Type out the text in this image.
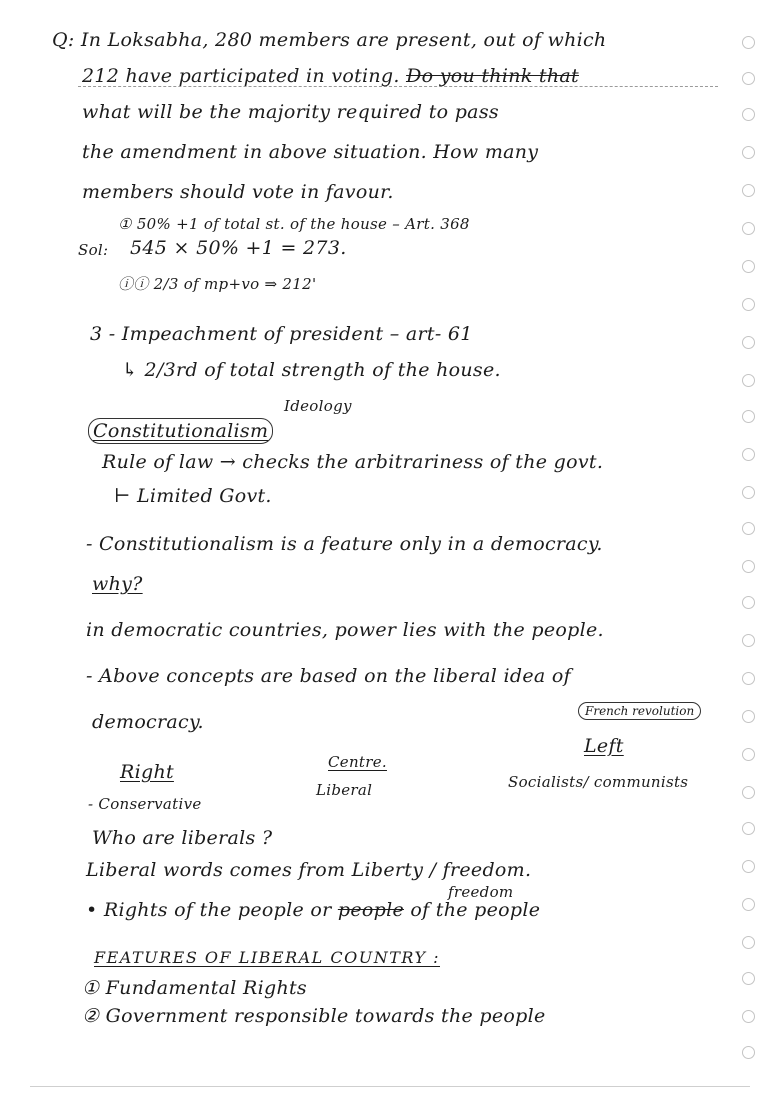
Q: In Loksabha, 280 members are present, out of which
212 have participated in voting. Do you think that
what will be the majority required to pass
the amendment in above situation. How many
members should vote in favour.
① 50% +1 of total st. of the house – Art. 368
Sol: 545 × 50% +1 = 273.
ⓘⓘ 2/3 of mp+vo ⇒ 212'
3 - Impeachment of president – art- 61
↳ 2/3rd of total strength of the house.
Ideology
Constitutionalism
Rule of law → checks the arbitrariness of the govt.
⊢ Limited Govt.
- Constitutionalism is a feature only in a democracy.
why?
in democratic countries, power lies with the people.
- Above concepts are based on the liberal idea of
democracy.	French revolution
Right
- Conservative
Centre.
Liberal
Left
Socialists/ communists
Who are liberals ?
Liberal words comes from Liberty / freedom.
freedom
• Rights of the people or people of the people
FEATURES OF LIBERAL COUNTRY :
① Fundamental Rights
② Government responsible towards the people
